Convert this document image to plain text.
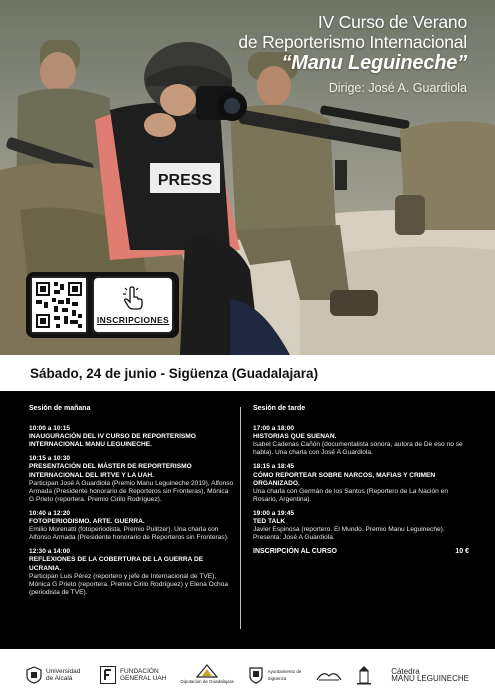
PRESS
IV Curso de Verano
de Reporterismo Internacional
“Manu Leguineche”
Dirige: José A. Guardiola
INSCRIPCIONES
Sábado, 24 de junio - Sigüenza (Guadalajara)
Sesión de mañana
10:00 a 10:15
INAUGURACIÓN DEL IV CURSO DE REPORTERISMO INTERNACIONAL MANU LEGUINECHE.
10:15 a 10:30
PRESENTACIÓN DEL MÁSTER DE REPORTERISMO INTERNACIONAL DEL IRTVE Y LA UAH.
Participan José A Guardiola (Premio Manu Leguineche 2019), Alfonso Armada (Presidente honorario de Reporteros sin Fronteras), Mónica G Prieto (reportera. Premio Cirilo Rodríguez).
10:40 a 12:20
FOTOPERIODISMO. ARTE. GUERRA.
Emilio Morenatti (fotoperiodista, Premio Pulitzer). Una charla con Alfonso Armada (Presidente honorario de Reporteros sin Fronteras).
12:30 a 14:00
REFLEXIONES DE LA COBERTURA DE LA GUERRA DE UCRANIA.
Participan Luis Pérez (reportero y jefe de Internacional de TVE), Mónica G Prieto (reportera. Premio Cirilo Rodríguez) y Elena Ochoa (periodista de TVE).
Sesión de tarde
17:00 a 18:00
HISTORIAS QUE SUENAN.
Isabel Cadenas Cañón (documentalista sonora, autora de De eso no se habla). Una charla con José A Guardiola.
18:15 a 18:45
CÓMO REPORTEAR SOBRE NARCOS, MAFIAS Y CRIMEN ORGANIZADO.
Una charla con Germán de los Santos (Reportero de La Nación en Rosario, Argentina).
19:00 a 19:45
TED TALK
Javier Espinosa (reportero. El Mundo. Premio Manu Leguineche). Presenta: José A Guardiola.
INSCRIPCIÓN AL CURSO	10 €
Universidad de Alcalá
FUNDACIÓN
GENERAL UAH	Diputación de Guadalajara
Ayuntamiento de Sigüenza
Cátedra
MANU LEGUINECHE
